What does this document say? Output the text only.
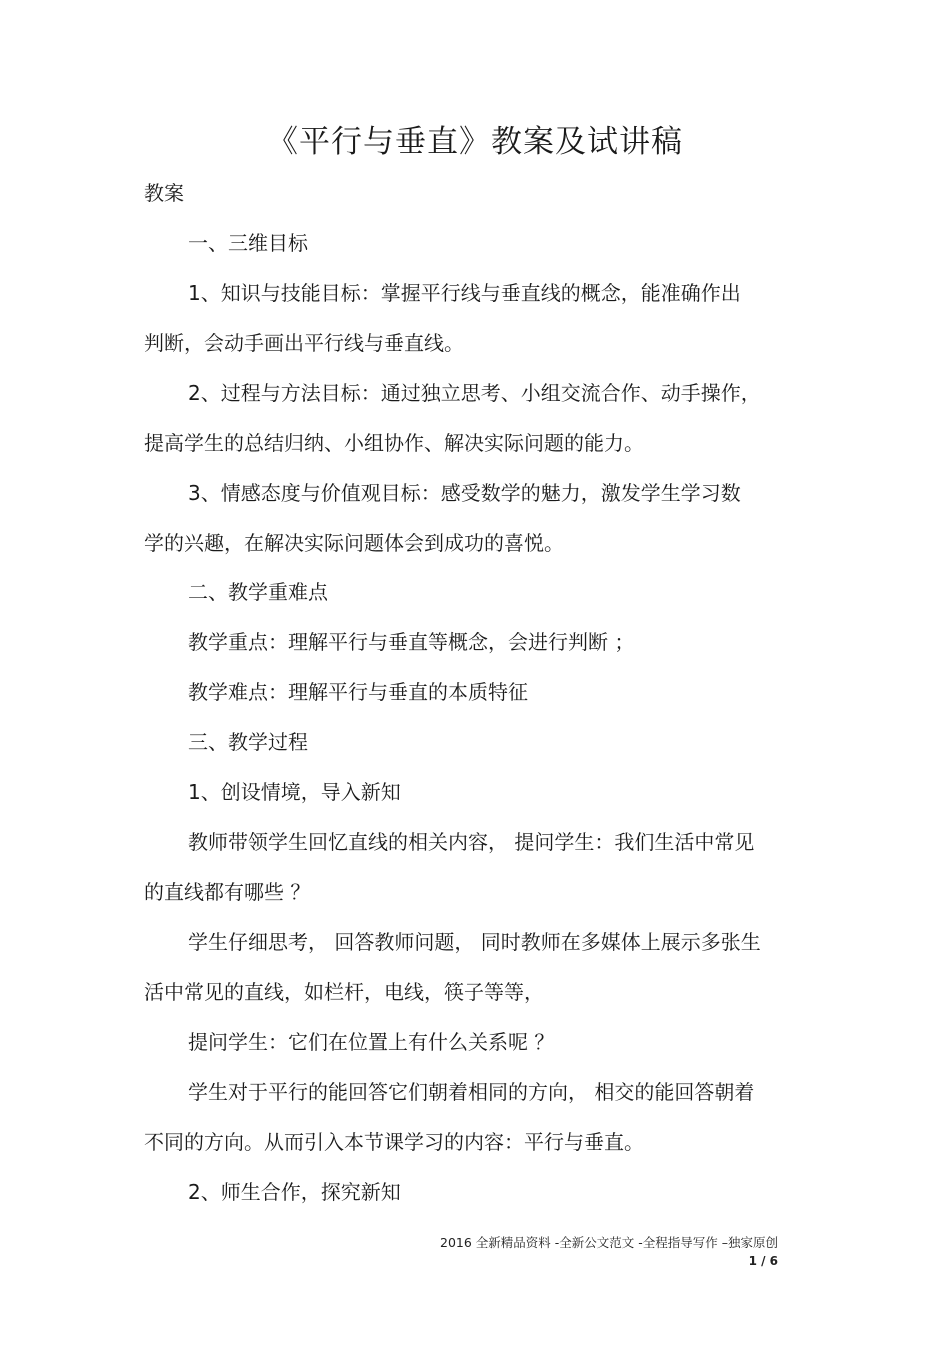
《平行与垂直》教案及试讲稿
教案
一、三维目标
1、知识与技能目标：掌握平行线与垂直线的概念，能准确作出
判断，会动手画出平行线与垂直线。
2、过程与方法目标：通过独立思考、小组交流合作、动手操作，
提高学生的总结归纳、小组协作、解决实际问题的能力。
3、情感态度与价值观目标：感受数学的魅力，激发学生学习数
学的兴趣，在解决实际问题体会到成功的喜悦。
二、教学重难点
教学重点：理解平行与垂直等概念，会进行判断 ；
教学难点：理解平行与垂直的本质特征
三、教学过程
1、创设情境，导入新知
教师带领学生回忆直线的相关内容， 提问学生：我们生活中常见
的直线都有哪些 ？
学生仔细思考， 回答教师问题， 同时教师在多媒体上展示多张生
活中常见的直线，如栏杆，电线，筷子等等，
提问学生：它们在位置上有什么关系呢 ？
学生对于平行的能回答它们朝着相同的方向， 相交的能回答朝着
不同的方向。从而引入本节课学习的内容：平行与垂直。
2、师生合作，探究新知
2016 全新精品资料 -全新公文范文 -全程指导写作 –独家原创
1 / 6
